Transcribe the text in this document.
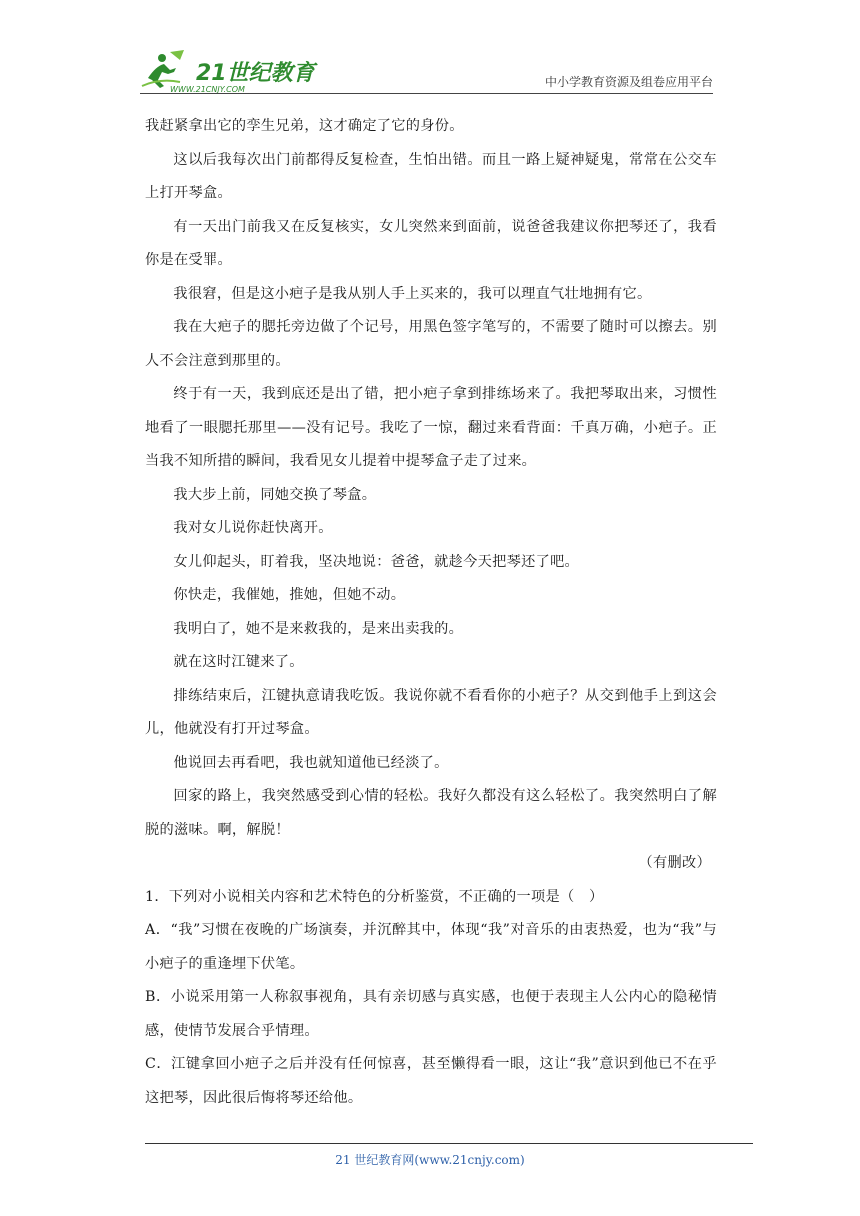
21世纪教育
WWW.21CNJY.COM
中小学教育资源及组卷应用平台

我赶紧拿出它的孪生兄弟，这才确定了它的身份。

这以后我每次出门前都得反复检查，生怕出错。而且一路上疑神疑鬼，常常在公交车上打开琴盒。

有一天出门前我又在反复核实，女儿突然来到面前，说爸爸我建议你把琴还了，我看你是在受罪。

我很窘，但是这小疤子是我从别人手上买来的，我可以理直气壮地拥有它。

我在大疤子的腮托旁边做了个记号，用黑色签字笔写的，不需要了随时可以擦去。别人不会注意到那里的。

终于有一天，我到底还是出了错，把小疤子拿到排练场来了。我把琴取出来，习惯性地看了一眼腮托那里——没有记号。我吃了一惊，翻过来看背面：千真万确，小疤子。正当我不知所措的瞬间，我看见女儿提着中提琴盒子走了过来。

我大步上前，同她交换了琴盒。

我对女儿说你赶快离开。

女儿仰起头，盯着我，坚决地说：爸爸，就趁今天把琴还了吧。

你快走，我催她，推她，但她不动。

我明白了，她不是来救我的，是来出卖我的。

就在这时江键来了。

排练结束后，江键执意请我吃饭。我说你就不看看你的小疤子？从交到他手上到这会儿，他就没有打开过琴盒。

他说回去再看吧，我也就知道他已经淡了。

回家的路上，我突然感受到心情的轻松。我好久都没有这么轻松了。我突然明白了解脱的滋味。啊，解脱！

（有删改）

1．下列对小说相关内容和艺术特色的分析鉴赏，不正确的一项是（　）

A．“我”习惯在夜晚的广场演奏，并沉醉其中，体现“我”对音乐的由衷热爱，也为“我”与小疤子的重逢埋下伏笔。

B．小说采用第一人称叙事视角，具有亲切感与真实感，也便于表现主人公内心的隐秘情感，使情节发展合乎情理。

C．江键拿回小疤子之后并没有任何惊喜，甚至懒得看一眼，这让“我”意识到他已不在乎这把琴，因此很后悔将琴还给他。

21 世纪教育网(www.21cnjy.com)
